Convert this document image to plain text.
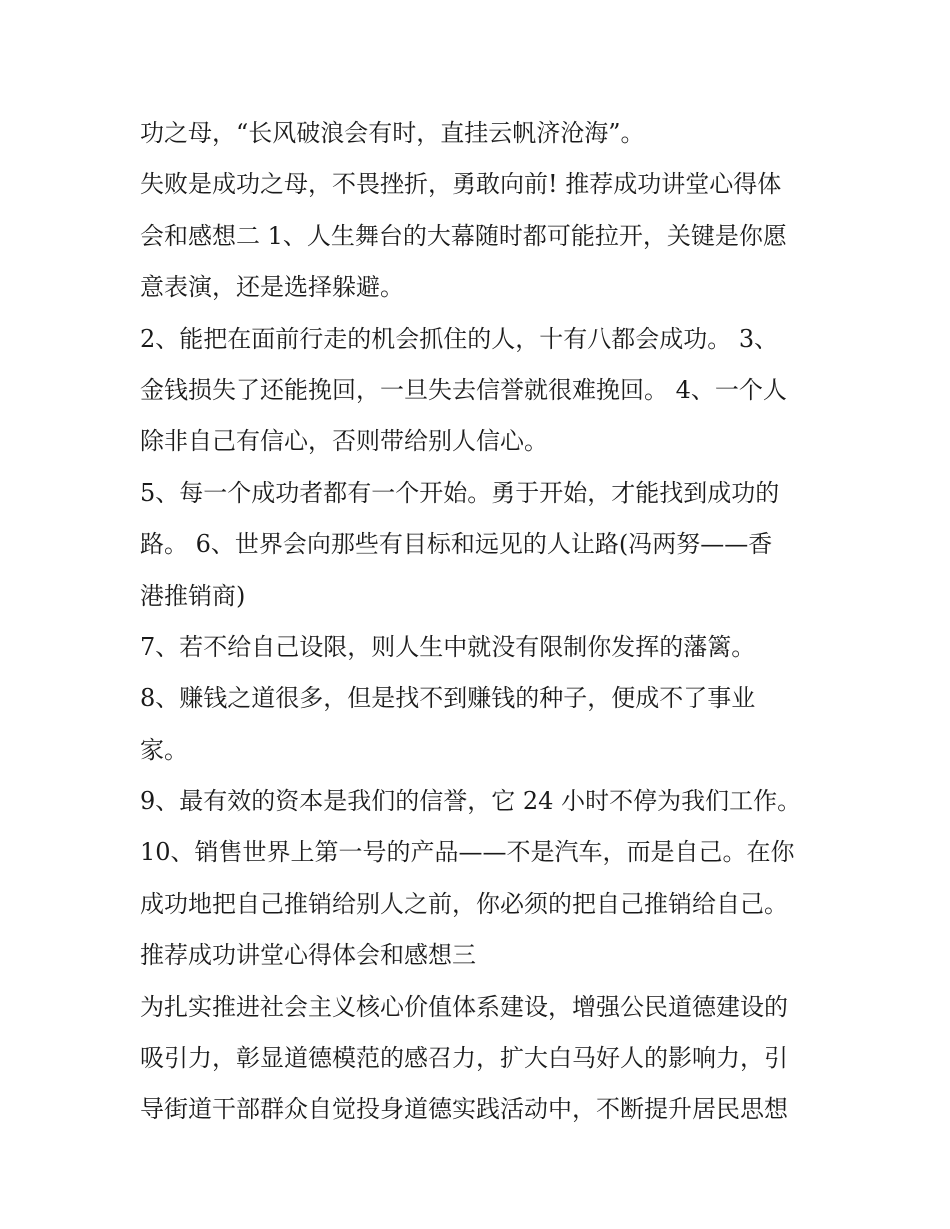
功之母，“长风破浪会有时，直挂云帆济沧海”。
失败是成功之母，不畏挫折，勇敢向前! 推荐成功讲堂心得体
会和感想二 1、人生舞台的大幕随时都可能拉开，关键是你愿
意表演，还是选择躲避。
2、能把在面前行走的机会抓住的人，十有八都会成功。 3、
金钱损失了还能挽回，一旦失去信誉就很难挽回。 4、一个人
除非自己有信心，否则带给别人信心。
5、每一个成功者都有一个开始。勇于开始，才能找到成功的
路。 6、世界会向那些有目标和远见的人让路(冯两努——香
港推销商)
7、若不给自己设限，则人生中就没有限制你发挥的藩篱。
8、赚钱之道很多，但是找不到赚钱的种子，便成不了事业
家。
9、最有效的资本是我们的信誉，它 24 小时不停为我们工作。
10、销售世界上第一号的产品——不是汽车，而是自己。在你
成功地把自己推销给别人之前，你必须的把自己推销给自己。
推荐成功讲堂心得体会和感想三
为扎实推进社会主义核心价值体系建设，增强公民道德建设的
吸引力，彰显道德模范的感召力，扩大白马好人的影响力，引
导街道干部群众自觉投身道德实践活动中，不断提升居民思想
